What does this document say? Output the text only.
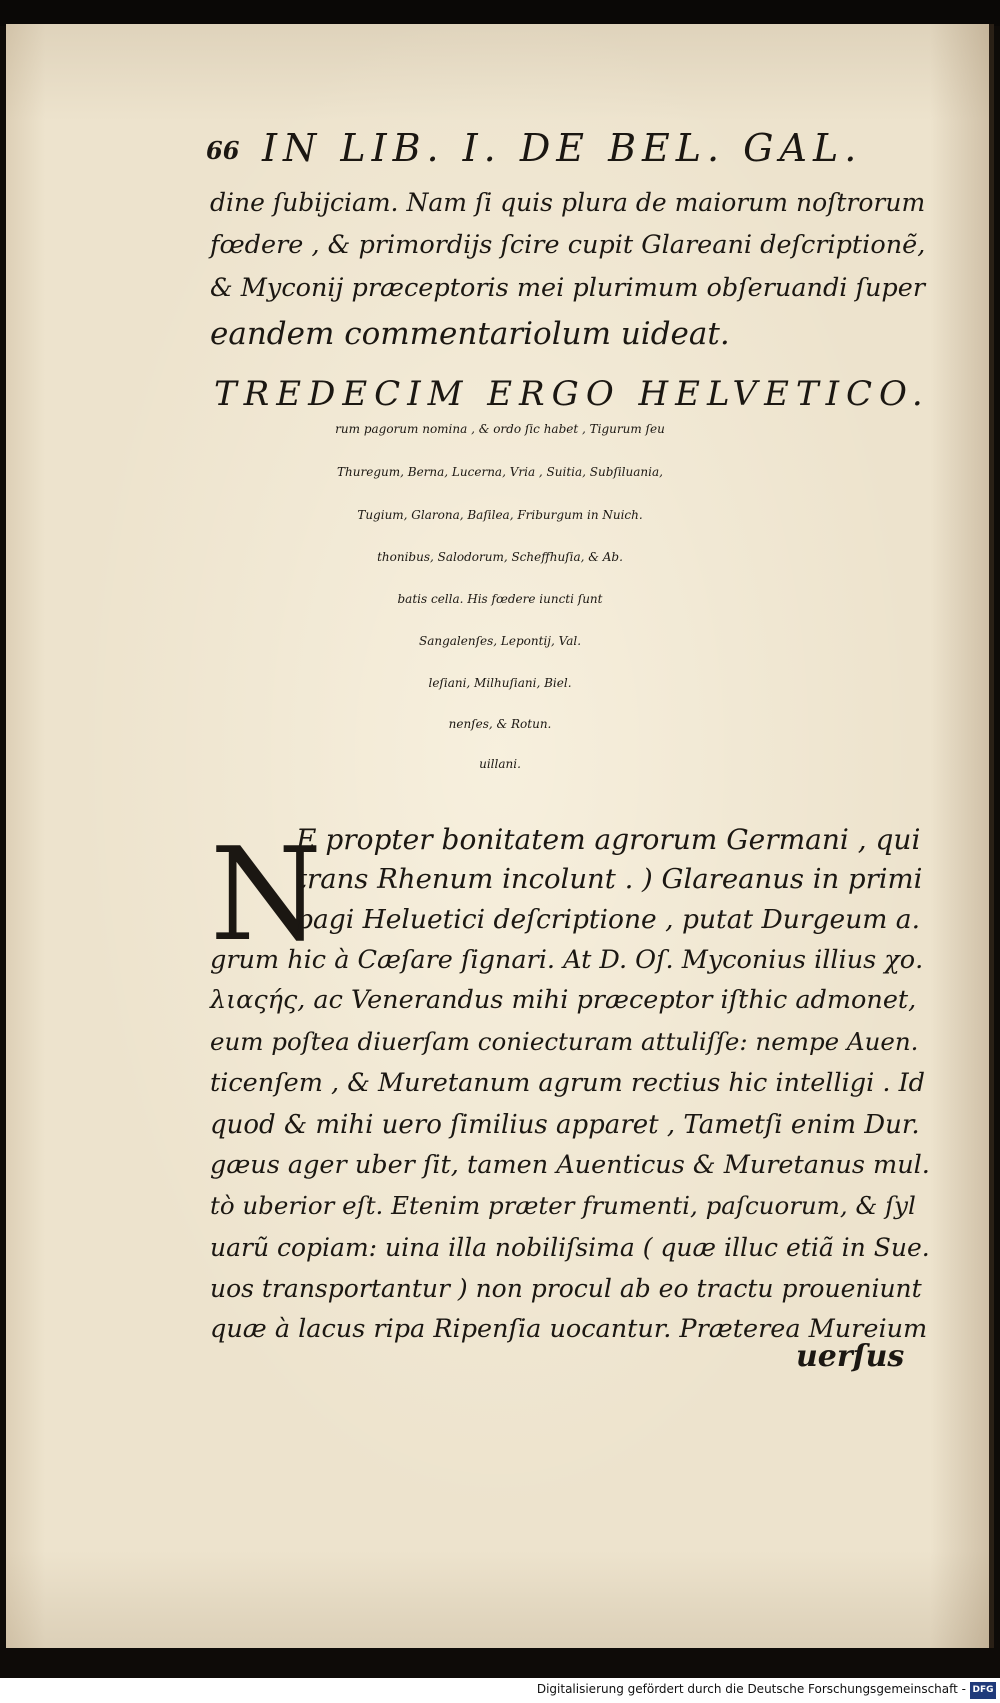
66 IN LIB. I. DE BEL. GAL.
dine ſubijciam. Nam ſi quis plura de maiorum noſtrorum
fœdere , & primordijs ſcire cupit Glareani deſcriptionẽ,
& Myconij præceptoris mei plurimum obſeruandi ſuper
eandem commentariolum uideat.
TREDECIM ERGO HELVETICO.
rum pagorum nomina , & ordo ſic habet , Tigurum ſeu
Thuregum, Berna, Lucerna, Vria , Suitia, Subſiluania,
Tugium, Glarona, Baſilea, Friburgum in Nuich.
thonibus, Salodorum, Scheffhuſia, & Ab.
batis cella. His fœdere iuncti ſunt
Sangalenſes, Lepontij, Val.
leſiani, Milhuſiani, Biel.
nenſes, & Rotun.
uillani.
N
E propter bonitatem agrorum Germani , qui
trans Rhenum incolunt . ) Glareanus in primi
pagi Heluetici deſcriptione , putat Durgeum a.
grum hic à Cæſare ſignari. At D. Oſ. Myconius illius χο.
λιαςής, ac Venerandus mihi præceptor iſthic admonet,
eum poſtea diuerſam coniecturam attuliſſe: nempe Auen.
ticenſem , & Muretanum agrum rectius hic intelligi . Id
quod & mihi uero ſimilius apparet , Tametſi enim Dur.
gæus ager uber ſit, tamen Auenticus & Muretanus mul.
tò uberior eſt. Etenim præter frumenti, paſcuorum, & ſyl
uarũ copiam: uina illa nobiliſsima ( quæ illuc etiã in Sue.
uos transportantur ) non procul ab eo tractu proueniunt
quæ à lacus ripa Ripenſia uocantur. Præterea Mureium
uerſus
Digitalisierung gefördert durch die Deutsche Forschungsgemeinschaft - DFG
